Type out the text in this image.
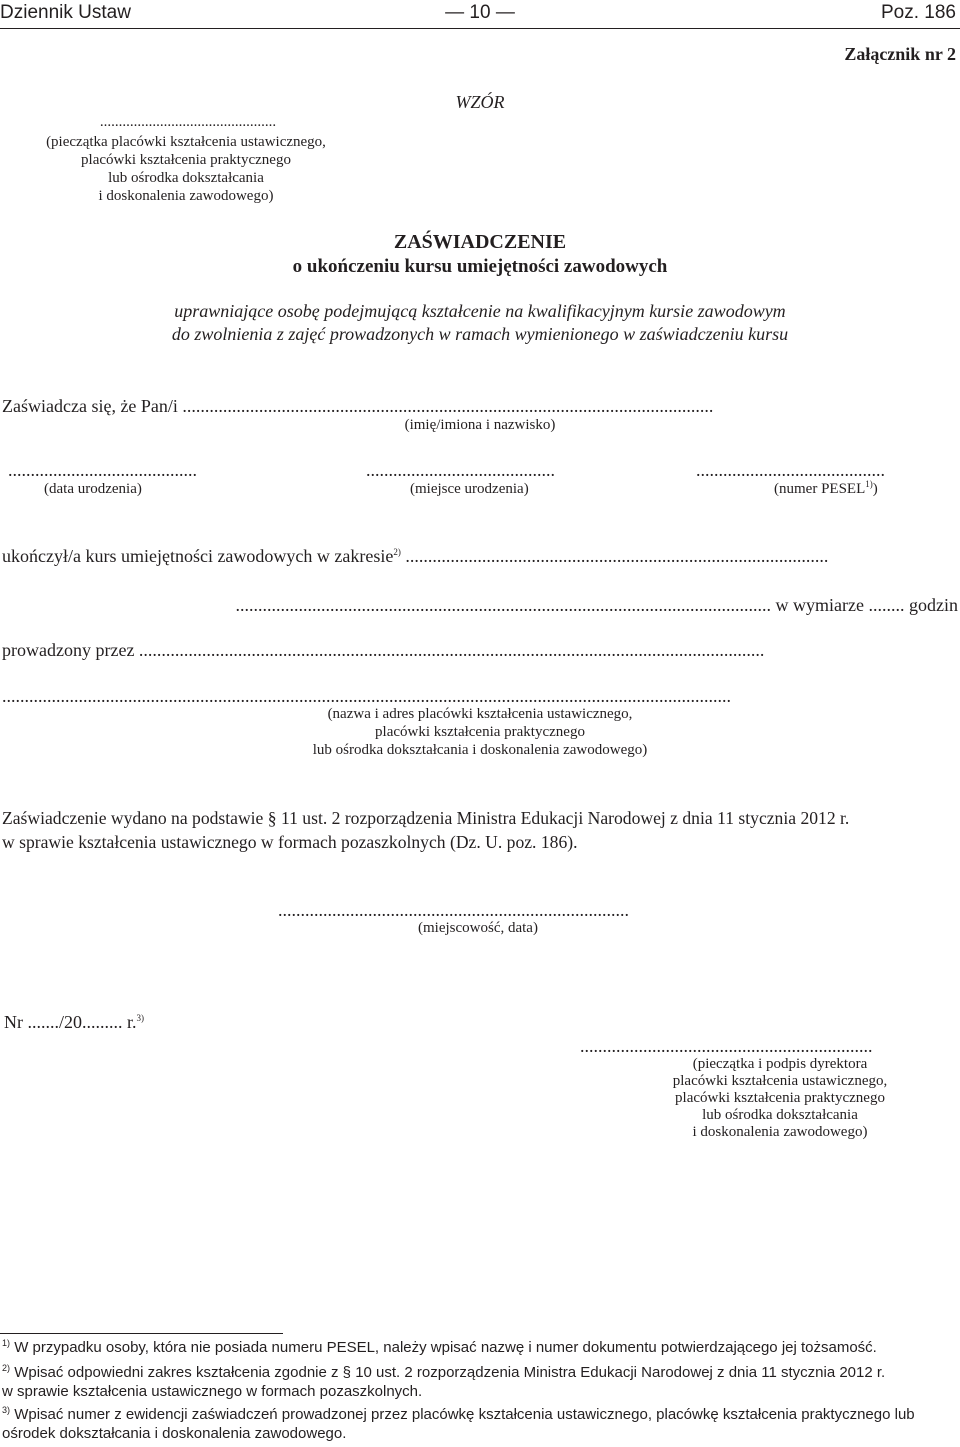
Dziennik Ustaw	— 10 —	Poz. 186
Załącznik nr 2
WZÓR
...............................................
(pieczątka placówki kształcenia ustawicznego,
placówki kształcenia praktycznego
lub ośrodka dokształcania
i doskonalenia zawodowego)
ZAŚWIADCZENIE
o ukończeniu kursu umiejętności zawodowych
uprawniające osobę podejmującą kształcenie na kwalifikacyjnym kursie zawodowym
do zwolnienia z zajęć prowadzonych w ramach wymienionego w zaświadczeniu kursu
Zaświadcza się, że Pan/i ......................................................................................................................
(imię/imiona i nazwisko)
..........................................	..........................................	..........................................
(data urodzenia)	(miejsce urodzenia)	(numer PESEL$^{1)}$)
ukończył/a kurs umiejętności zawodowych w zakresie$^{2)}$ ..............................................................................................
....................................................................................................................... w wymiarze ........ godzin
prowadzony przez ...........................................................................................................................................
..................................................................................................................................................................
(nazwa i adres placówki kształcenia ustawicznego,
placówki kształcenia praktycznego
lub ośrodka dokształcania i doskonalenia zawodowego)
Zaświadczenie wydano na podstawie § 11 ust. 2 rozporządzenia Ministra Edukacji Narodowej z dnia 11 stycznia 2012 r.
w sprawie kształcenia ustawicznego w formach pozaszkolnych (Dz. U. poz. 186).
..............................................................................
(miejscowość, data)
Nr ......./20......... r.$^{3)}$
.................................................................
(pieczątka i podpis dyrektora
placówki kształcenia ustawicznego,
placówki kształcenia praktycznego
lub ośrodka dokształcania
i doskonalenia zawodowego)
$^{1)}$ W przypadku osoby, która nie posiada numeru PESEL, należy wpisać nazwę i numer dokumentu potwierdzającego jej tożsamość.
$^{2)}$ Wpisać odpowiedni zakres kształcenia zgodnie z § 10 ust. 2 rozporządzenia Ministra Edukacji Narodowej z dnia 11 stycznia 2012 r.
w sprawie kształcenia ustawicznego w formach pozaszkolnych.
$^{3)}$ Wpisać numer z ewidencji zaświadczeń prowadzonej przez placówkę kształcenia ustawicznego, placówkę kształcenia praktycznego lub
ośrodek dokształcania i doskonalenia zawodowego.
